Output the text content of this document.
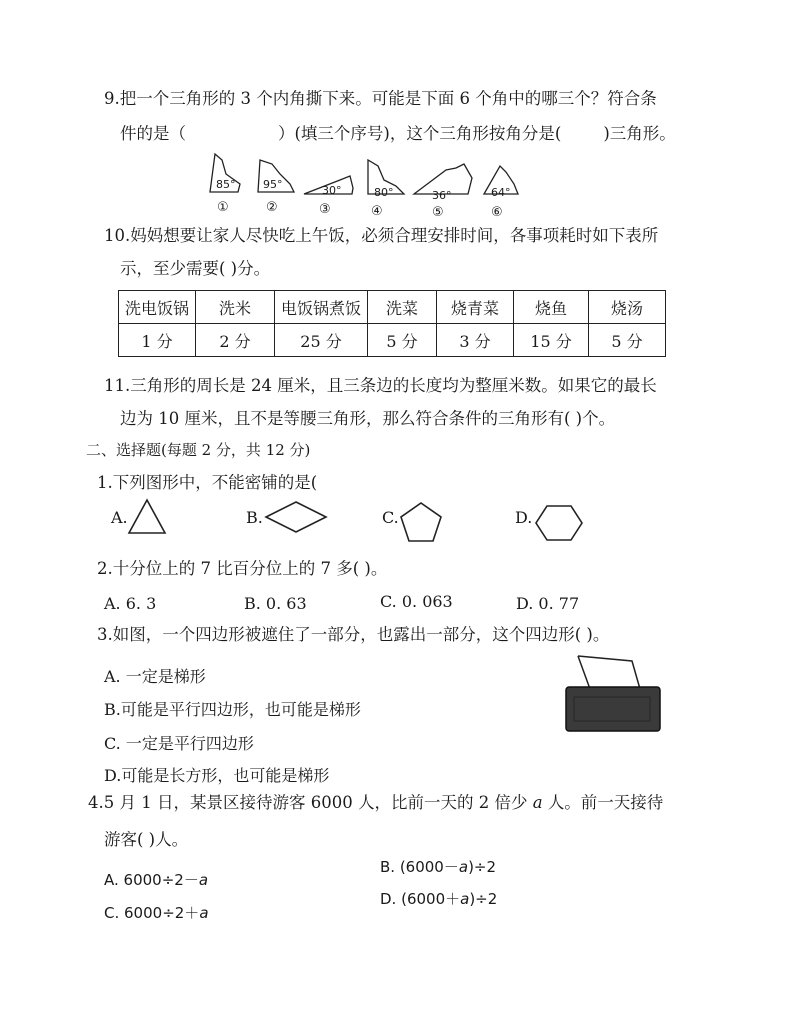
9.把一个三角形的 3 个内角撕下来。可能是下面 6 个角中的哪三个？符合条
件的是（	）(填三个序号)，这个三角形按角分是(	)三角形。
85°	95°	30°	80°	36°	64°
①	②	③	④	⑤	⑥
10.妈妈想要让家人尽快吃上午饭，必须合理安排时间，各事项耗时如下表所
示，至少需要( )分。
洗电饭锅	洗米	电饭锅煮饭	洗菜	烧青菜	烧鱼	烧汤
1 分	2 分	25 分	5 分	3 分	15 分	5 分
11.三角形的周长是 24 厘米，且三条边的长度均为整厘米数。如果它的最长
边为 10 厘米，且不是等腰三角形，那么符合条件的三角形有( )个。
二、选择题(每题 2 分，共 12 分)
1.下列图形中，不能密铺的是(
A.	B.	C.	D.
2.十分位上的 7 比百分位上的 7 多( )。
A. 6. 3	B. 0. 63	C. 0. 063	D. 0. 77
3.如图，一个四边形被遮住了一部分，也露出一部分，这个四边形( )。
A. 一定是梯形
B.可能是平行四边形，也可能是梯形
C. 一定是平行四边形
D.可能是长方形，也可能是梯形
4.5 月 1 日，某景区接待游客 6000 人，比前一天的 2 倍少 a 人。前一天接待
游客( )人。
A. 6000÷2－a
B. (6000－a)÷2
C. 6000÷2＋a
D. (6000＋a)÷2
